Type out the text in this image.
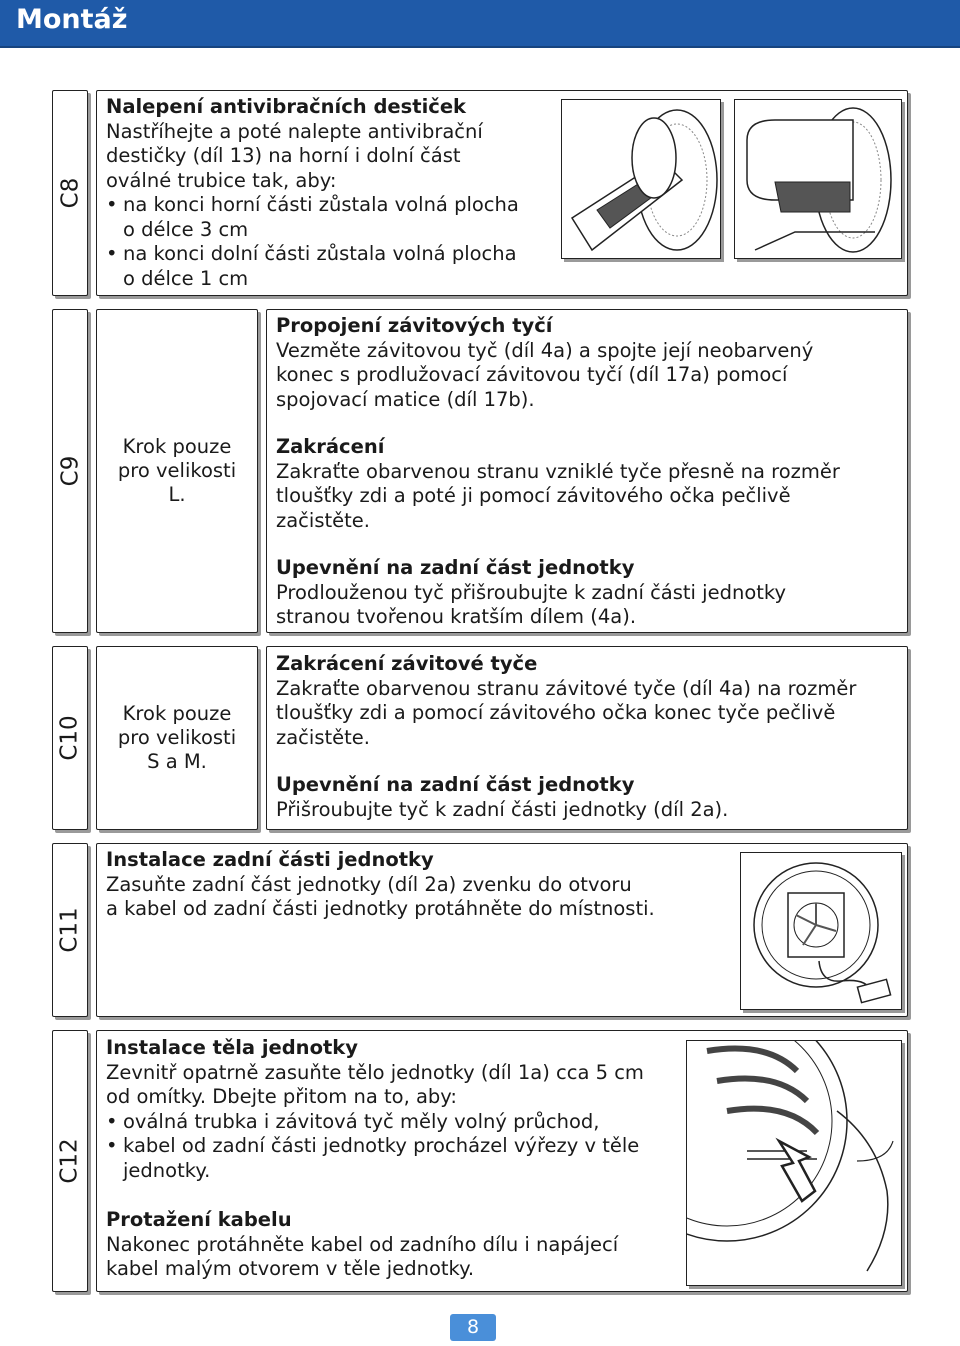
Montáž
C8
Nalepení antivibračních destiček
Nastříhejte a poté nalepte antivibrační
destičky (díl 13) na horní i dolní část
oválné trubice tak, aby:
• na konci horní části zůstala volná plocha
o délce 3 cm
• na konci dolní části zůstala volná plocha
o délce 1 cm
C9
Krok pouze
pro velikosti
L.
Propojení závitových tyčí
Vezměte závitovou tyč (díl 4a) a spojte její neobarvený
konec s prodlužovací závitovou tyčí (díl 17a) pomocí
spojovací matice (díl 17b).
Zakrácení
Zakraťte obarvenou stranu vzniklé tyče přesně na rozměr
tloušťky zdi a poté ji pomocí závitového očka pečlivě
začistěte.
Upevnění na zadní část jednotky
Prodlouženou tyč přišroubujte k zadní části jednotky
stranou tvořenou kratším dílem (4a).
C10
Krok pouze
pro velikosti
S a M.
Zakrácení závitové tyče
Zakraťte obarvenou stranu závitové tyče (díl 4a) na rozměr
tloušťky zdi a pomocí závitového očka konec tyče pečlivě
začistěte.
Upevnění na zadní část jednotky
Přišroubujte tyč k zadní části jednotky (díl 2a).
C11
Instalace zadní části jednotky
Zasuňte zadní část jednotky (díl 2a) zvenku do otvoru
a kabel od zadní části jednotky protáhněte do místnosti.
C12
Instalace těla jednotky
Zevnitř opatrně zasuňte tělo jednotky (díl 1a) cca 5 cm
od omítky. Dbejte přitom na to, aby:
• oválná trubka i závitová tyč měly volný průchod,
• kabel od zadní části jednotky procházel výřezy v těle
jednotky.
Protažení kabelu
Nakonec protáhněte kabel od zadního dílu i napájecí
kabel malým otvorem v těle jednotky.
8
